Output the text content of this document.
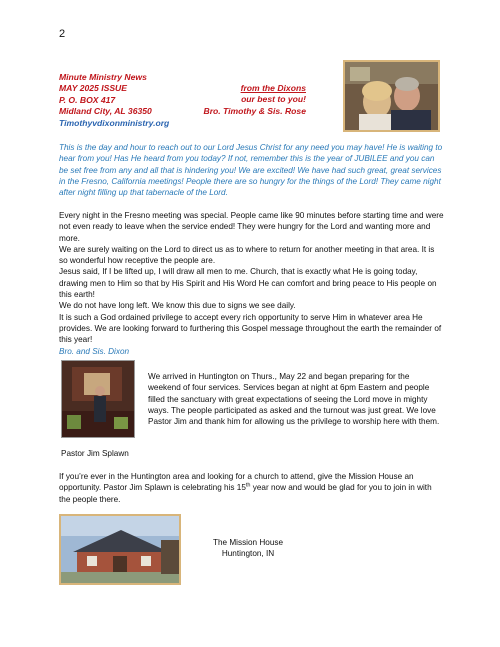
2
Minute Ministry News
MAY 2025 ISSUE
P. O. BOX 417
Midland City, AL 36350
Timothyvdixonministry.org
from the Dixons
our best to you!
Bro. Timothy & Sis. Rose
This is the day and hour to reach out to our Lord Jesus Christ for any need you may have! He is waiting to hear from you! Has He heard from you today? If not, remember this is the year of JUBILEE and you can be set free from any and all that is hindering you! We are excited! We have had such great, great services in the Fresno, California meetings! People there are so hungry for the things of the Lord! They came night after night filling up that tabernacle of the Lord.

Every night in the Fresno meeting was special. People came like 90 minutes before starting time and were not even ready to leave when the service ended! They were hungry for the Lord and wanting more and more.

We are surely waiting on the Lord to direct us as to where to return for another meeting in that area. It is so wonderful how receptive the people are.

Jesus said, If I be lifted up, I will draw all men to me. Church, that is exactly what He is going today, drawing men to Him so that by His Spirit and His Word He can comfort and bring peace to His people on this earth!

We do not have long left. We know this due to signs we see daily.

It is such a God ordained privilege to accept every rich opportunity to serve Him in whatever area He provides. We are looking forward to furthering this Gospel message throughout the earth the remainder of this year!

Bro. and Sis. Dixon

We arrived in Huntington on Thurs., May 22 and began preparing for the weekend of four services. Services began at night at 6pm Eastern and people filled the sanctuary with great expectations of seeing the Lord move in mighty ways. The people participated as asked and the turnout was just great. We love Pastor Jim and thank him for allowing us the privilege to worship here with them.
Pastor Jim Splawn
If you’re ever in the Huntington area and looking for a church to attend, give the Mission House an opportunity. Pastor Jim Splawn is celebrating his 15th year now and would be glad for you to join in with the people there.
The Mission House
Huntington, IN
